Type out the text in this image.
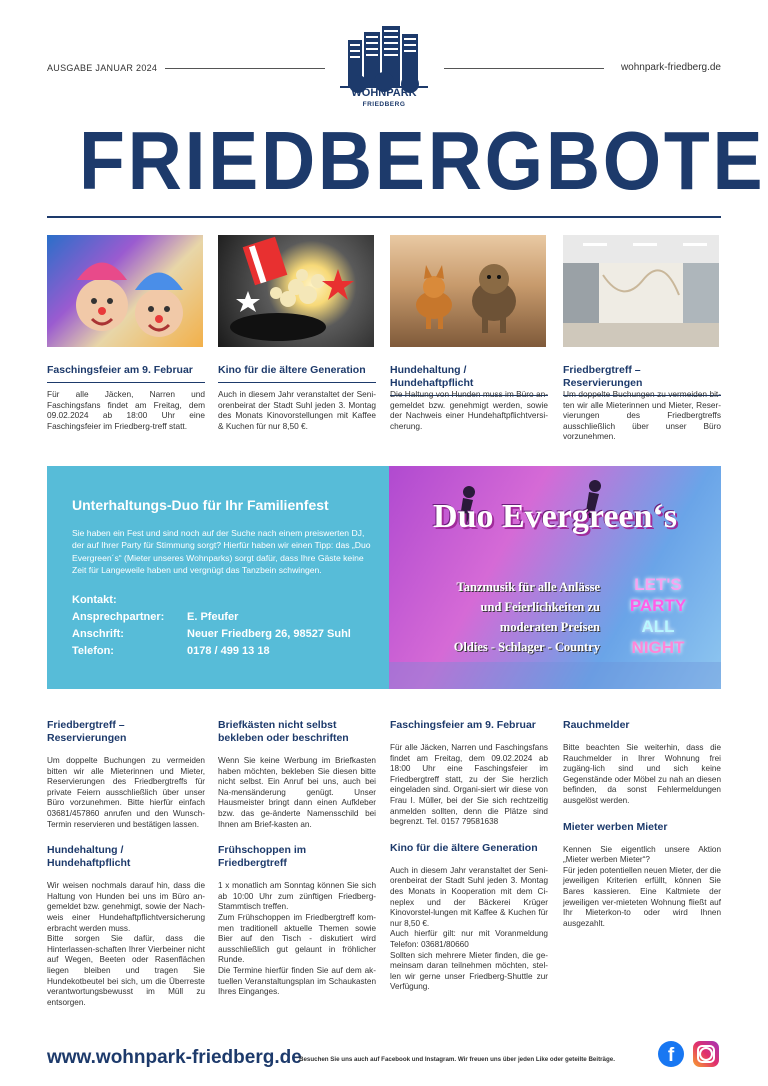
AUSGABE JANUAR 2024	wohnpark-friedberg.de
WOHNPARK
FRIEDBERG
FRIEDBERGBOTE
Faschingsfeier am 9. Februar
Für alle Jäcken, Narren und Faschingsfans findet am Freitag, dem 09.02.2024 ab 18:00 Uhr eine Faschingsfeier im Friedberg-treff statt.
Kino für die ältere Generation
Auch in diesem Jahr veranstaltet der Seni-orenbeirat der Stadt Suhl jeden 3. Montag des Monats Kinovorstellungen mit Kaffee & Kuchen für nur 8,50 €.
Hundehaltung / Hundehaftpflicht
Die Haltung von Hunden muss im Büro an-gemeldet bzw. genehmigt werden, sowie der Nachweis einer Hundehaftpflichtversi-cherung.
Friedbergtreff – Reservierungen
Um doppelte Buchungen zu vermeiden bit-ten wir alle Mieterinnen und Mieter, Reser-vierungen des Friedbergtreffs ausschließlich über unser Büro vorzunehmen.
Unterhaltungs-Duo für Ihr Familienfest
Sie haben ein Fest und sind noch auf der Suche nach einem preiswerten DJ, der auf Ihrer Party für Stimmung sorgt? Hierfür haben wir einen Tipp: das „Duo Evergreen´s“ (Mieter unseres Wohnparks) sorgt dafür, dass Ihre Gäste keine Zeit für Langeweile haben und vergnügt das Tanzbein schwingen.
Kontakt:
Ansprechpartner: E. Pfeufer
Anschrift:	Neuer Friedberg 26, 98527 Suhl
Telefon:	0178 / 499 13 18
Duo Evergreen‘s
Tanzmusik für alle Anlässe
und Feierlichkeiten zu
moderaten Preisen
Oldies - Schlager - Country
LET'S
PARTY
ALL
NIGHT
Friedbergtreff – Reservierungen
Um doppelte Buchungen zu vermeiden bitten wir alle Mieterinnen und Mieter, Reservierungen des Friedbergtreffs für private Feiern ausschließlich über unser Büro vorzunehmen. Bitte hierfür einfach 03681/457860 anrufen und den Wunsch-Termin reservieren und bestätigen lassen.
Hundehaltung / Hundehaftpflicht
Wir weisen nochmals darauf hin, dass die Haltung von Hunden bei uns im Büro an-gemeldet bzw. genehmigt, sowie der Nach-weis einer Hundehaftpflichtversicherung erbracht werden muss.
Bitte sorgen Sie dafür, dass die Hinterlassen-schaften Ihrer Vierbeiner nicht auf Wegen, Beeten oder Rasenflächen liegen bleiben und tragen Sie Hundekotbeutel bei sich, um die Überreste verantwortungsbewusst im Müll zu entsorgen.
Briefkästen nicht selbst bekleben oder beschriften
Wenn Sie keine Werbung im Briefkasten haben möchten, bekleben Sie diesen bitte nicht selbst. Ein Anruf bei uns, auch bei Na-mensänderung genügt. Unser Hausmeister bringt dann einen Aufkleber bzw. das ge-änderte Namensschild bei Ihnen am Brief-kasten an.
Frühschoppen im Friedbergtreff
1 x monatlich am Sonntag können Sie sich ab 10:00 Uhr zum zünftigen Friedberg-Stammtisch treffen.
Zum Frühschoppen im Friedbergtreff kom-men traditionell aktuelle Themen sowie Bier auf den Tisch - diskutiert wird ausschließlich gut gelaunt in fröhlicher Runde.
Die Termine hierfür finden Sie auf dem ak-tuellen Veranstaltungsplan im Schaukasten Ihres Einganges.
Faschingsfeier am 9. Februar
Für alle Jäcken, Narren und Faschingsfans findet am Freitag, dem 09.02.2024 ab 18:00 Uhr eine Faschingsfeier im Friedbergtreff statt, zu der Sie herzlich eingeladen sind. Organi-siert wir diese von Frau I. Müller, bei der Sie sich rechtzeitig anmelden sollten, denn die Plätze sind begrenzt. Tel. 0157 79581638
Kino für die ältere Generation
Auch in diesem Jahr veranstaltet der Seni-orenbeirat der Stadt Suhl jeden 3. Montag des Monats in Kooperation mit dem Ci-neplex und der Bäckerei Krüger Kinovorstel-lungen mit Kaffee & Kuchen für nur 8,50 €.
Auch hierfür gilt: nur mit Voranmeldung Telefon: 03681/80660
Sollten sich mehrere Mieter finden, die ge-meinsam daran teilnehmen möchten, stel-len wir gerne unser Friedberg-Shuttle zur Verfügung.
Rauchmelder
Bitte beachten Sie weiterhin, dass die Rauchmelder in Ihrer Wohnung frei zugäng-lich sind und sich keine Gegenstände oder Möbel zu nah an diesen befinden, da sonst Fehlermeldungen ausgelöst werden.
Mieter werben Mieter
Kennen Sie eigentlich unsere Aktion „Mieter werben Mieter“?
Für jeden potentiellen neuen Mieter, der die jeweiligen Kriterien erfüllt, können Sie Bares kassieren. Eine Kaltmiete der jeweiligen ver-mieteten Wohnung fließt auf Ihr Mieterkon-to oder wird Ihnen ausgezahlt.
www.wohnpark-friedberg.de
Besuchen Sie uns auch auf Facebook und Instagram. Wir freuen uns über jeden Like oder geteilte Beiträge.	f
